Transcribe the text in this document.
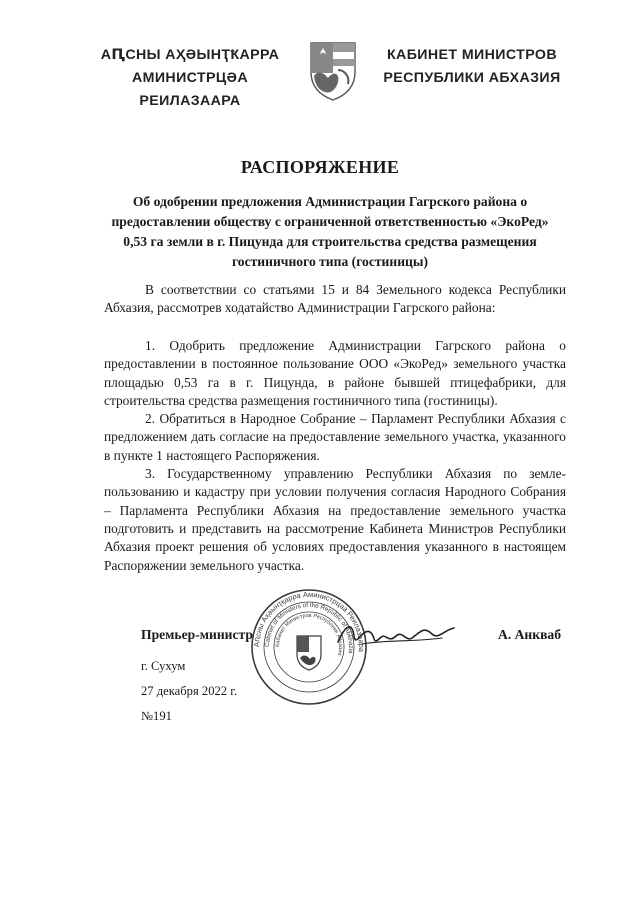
АԤСНЫ АҲӘЫНҬҞАРРА
АМИНИСТРЦӘА РЕИЛАЗААРА
КАБИНЕТ МИНИСТРОВ
РЕСПУБЛИКИ АБХАЗИЯ
РАСПОРЯЖЕНИЕ
Об одобрении предложения Администрации Гагрского района о предоставлении обществу с ограниченной ответственностью «ЭкоРед» 0,53 га земли в г. Пицунда для строительства средства размещения гостиничного типа (гостиницы)
В соответствии со статьями 15 и 84 Земельного кодекса Республики Абхазия, рассмотрев ходатайство Администрации Гагрского района:

1. Одобрить предложение Администрации Гагрского района о предоставлении в постоянное пользование ООО «ЭкоРед» земельного участка площадью 0,53 га в г. Пицунда, в районе бывшей птицефабрики, для строительства средства размещения гостиничного типа (гостиницы).

2. Обратиться в Народное Собрание – Парламент Республики Абхазия с предложением дать согласие на предоставление земельного участка, указанного в пункте 1 настоящего Распоряжения.

3. Государственному управлению Республики Абхазия по земле-пользованию и кадастру при условии получения согласия Народного Собрания – Парламента Республики Абхазия на предоставление земельного участка подготовить и представить на рассмотрение Кабинета Министров Республики Абхазия проект решения об условиях предоставления указанного в настоящем Распоряжении земельного участка.

Аԥсны Аҳәынҭқарра Аминистрцәа Реилазаара
Cabinet of Ministers of the Republic of Abkhazia
Кабинет Министров Республики Абхазия
Премьер-министр	А. Анкваб
г. Сухум
27 декабря 2022 г.
№191
